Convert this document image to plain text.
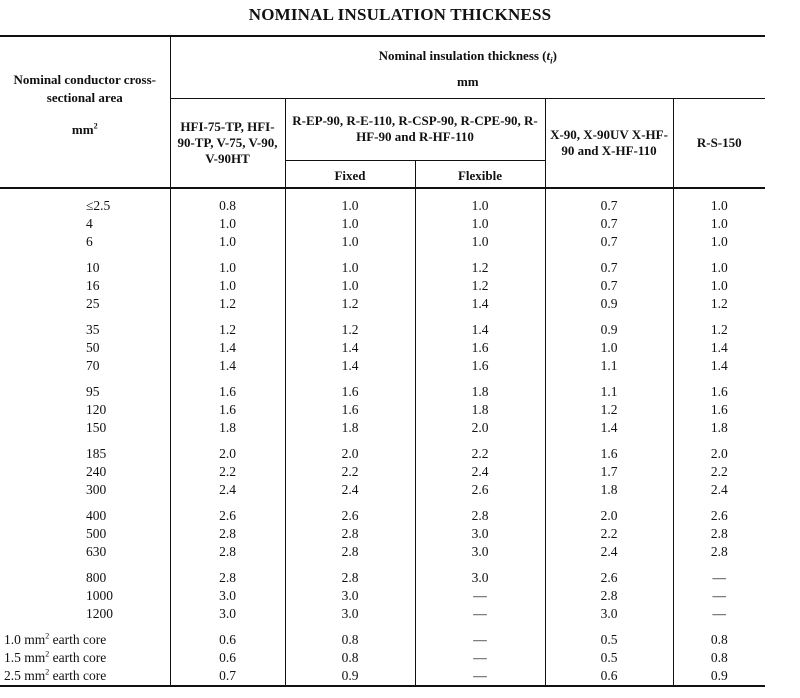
NOMINAL INSULATION THICKNESS
Nominal conductor cross-sectional area
$mm^2$	Nominal insulation thickness $(t_i)$				
	mm				
	HFI-75-TP, HFI-90-TP, V-75, V-90, V-90HT	R-EP-90, R-E-110, R-CSP-90, R-CPE-90, R-HF-90 and R-HF-110		X-90, X-90UV X-HF-90 and X-HF-110	R-S-150
		Fixed	Flexible		

≤2.5	0.8	1.0	1.0	0.7	1.0
4	1.0	1.0	1.0	0.7	1.0
6	1.0	1.0	1.0	0.7	1.0

10	1.0	1.0	1.2	0.7	1.0
16	1.0	1.0	1.2	0.7	1.0
25	1.2	1.2	1.4	0.9	1.2

35	1.2	1.2	1.4	0.9	1.2
50	1.4	1.4	1.6	1.0	1.4
70	1.4	1.4	1.6	1.1	1.4

95	1.6	1.6	1.8	1.1	1.6
120	1.6	1.6	1.8	1.2	1.6
150	1.8	1.8	2.0	1.4	1.8

185	2.0	2.0	2.2	1.6	2.0
240	2.2	2.2	2.4	1.7	2.2
300	2.4	2.4	2.6	1.8	2.4

400	2.6	2.6	2.8	2.0	2.6
500	2.8	2.8	3.0	2.2	2.8
630	2.8	2.8	3.0	2.4	2.8

800	2.8	2.8	3.0	2.6	—
1000	3.0	3.0	—	2.8	—
1200	3.0	3.0	—	3.0	—

1.0 $mm^2$ earth core	0.6	0.8	—	0.5	0.8
1.5 $mm^2$ earth core	0.6	0.8	—	0.5	0.8
2.5 $mm^2$ earth core	0.7	0.9	—	0.6	0.9
